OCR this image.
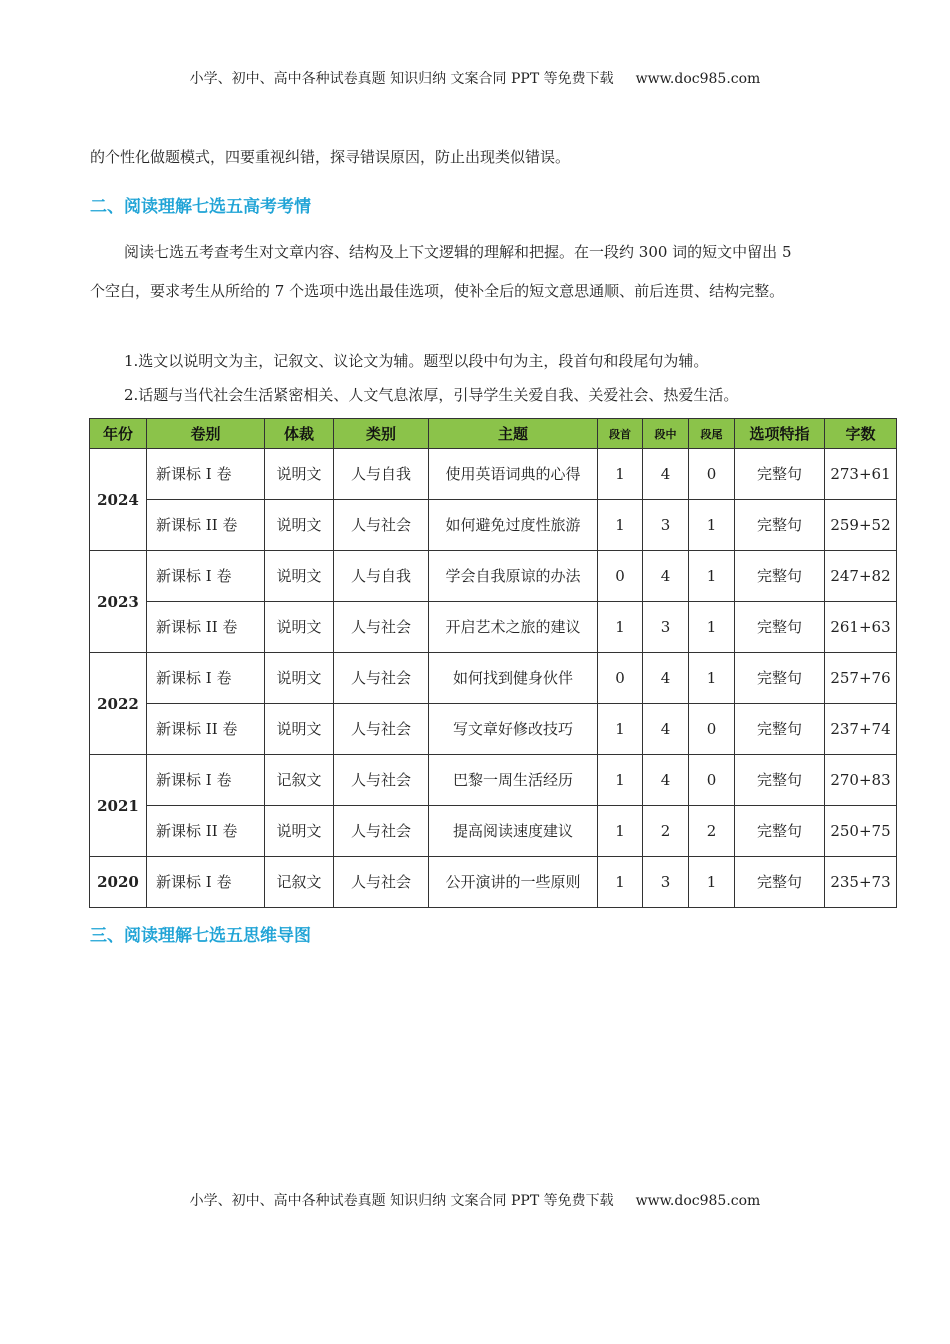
小学、初中、高中各种试卷真题 知识归纳 文案合同 PPT 等免费下载 www.doc985.com
的个性化做题模式，四要重视纠错，探寻错误原因，防止出现类似错误。
二、阅读理解七选五高考考情
阅读七选五考查考生对文章内容、结构及上下文逻辑的理解和把握。在一段约 300 词的短文中留出 5
个空白，要求考生从所给的 7 个选项中选出最佳选项，使补全后的短文意思通顺、前后连贯、结构完整。
1.选文以说明文为主，记叙文、议论文为辅。题型以段中句为主，段首句和段尾句为辅。
2.话题与当代社会生活紧密相关、人文气息浓厚，引导学生关爱自我、关爱社会、热爱生活。
年份	卷别	体裁	类别	主题	段首	段中	段尾	选项特指	字数
2024	新课标 I 卷	说明文	人与自我	使用英语词典的心得	1	4	0	完整句	273+61
	新课标 II 卷	说明文	人与社会	如何避免过度性旅游	1	3	1	完整句	259+52
2023	新课标 I 卷	说明文	人与自我	学会自我原谅的办法	0	4	1	完整句	247+82
	新课标 II 卷	说明文	人与社会	开启艺术之旅的建议	1	3	1	完整句	261+63
2022	新课标 I 卷	说明文	人与社会	如何找到健身伙伴	0	4	1	完整句	257+76
	新课标 II 卷	说明文	人与社会	写文章好修改技巧	1	4	0	完整句	237+74
2021	新课标 I 卷	记叙文	人与社会	巴黎一周生活经历	1	4	0	完整句	270+83
	新课标 II 卷	说明文	人与社会	提高阅读速度建议	1	2	2	完整句	250+75
2020	新课标 I 卷	记叙文	人与社会	公开演讲的一些原则	1	3	1	完整句	235+73
三、阅读理解七选五思维导图
小学、初中、高中各种试卷真题 知识归纳 文案合同 PPT 等免费下载 www.doc985.com
